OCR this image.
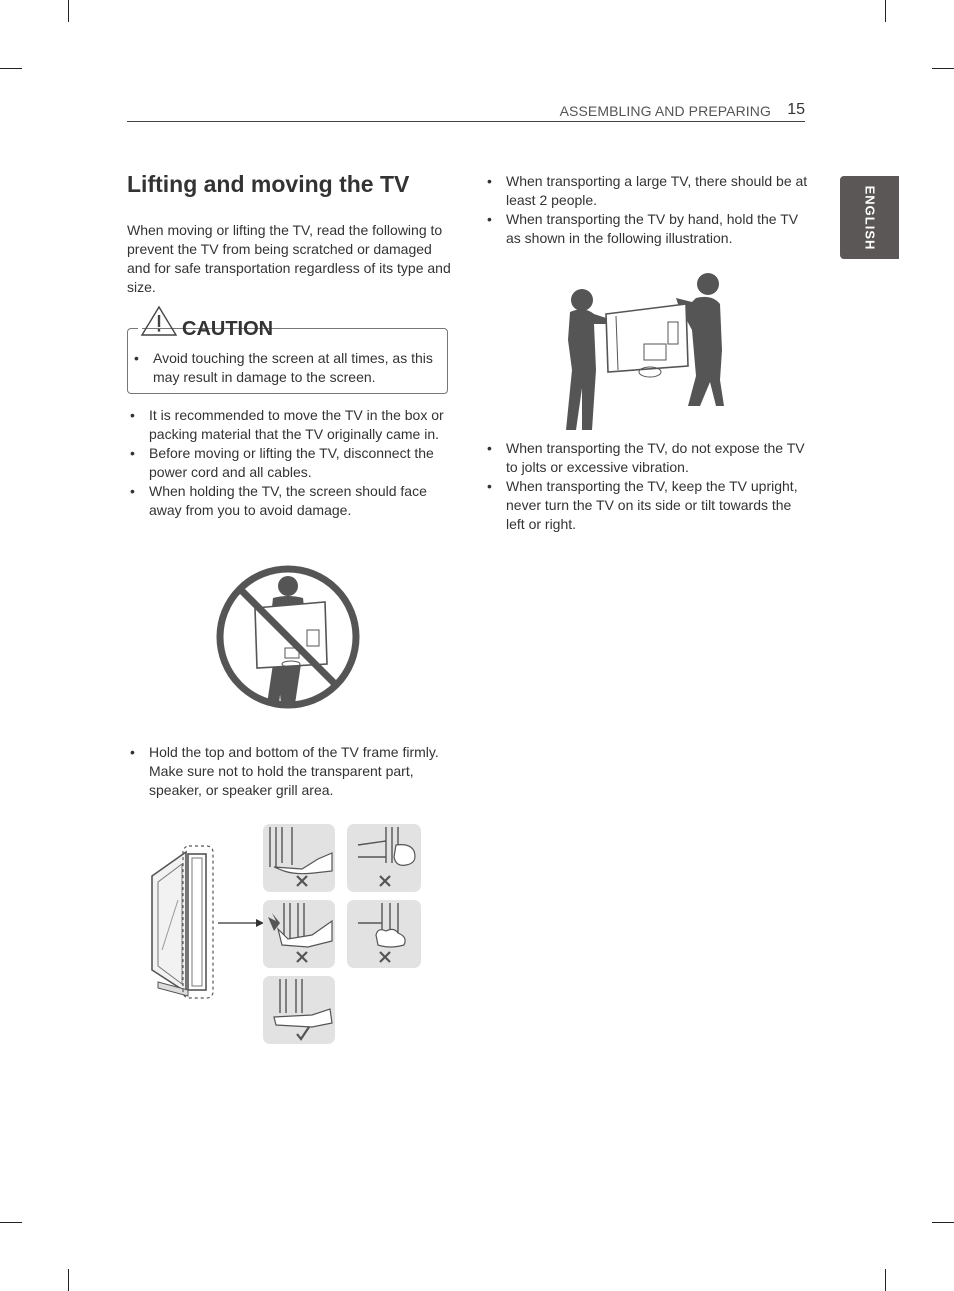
ASSEMBLING AND PREPARING 15
ENGLISH
Lifting and moving the TV

When moving or lifting the TV, read the following to prevent the TV from being scratched or damaged and for safe transportation regardless of its type and size.

CAUTION
• Avoid touching the screen at all times, as this may result in damage to the screen.
• It is recommended to move the TV in the box or packing material that the TV originally came in.
• Before moving or lifting the TV, disconnect the power cord and all cables.
• When holding the TV, the screen should face away from you to avoid damage.
• Hold the top and bottom of the TV frame firmly. Make sure not to hold the transparent part, speaker, or speaker grill area.
• When transporting a large TV, there should be at least 2 people.
• When transporting the TV by hand, hold the TV as shown in the following illustration.
• When transporting the TV, do not expose the TV to jolts or excessive vibration.
• When transporting the TV, keep the TV upright, never turn the TV on its side or tilt towards the left or right.
